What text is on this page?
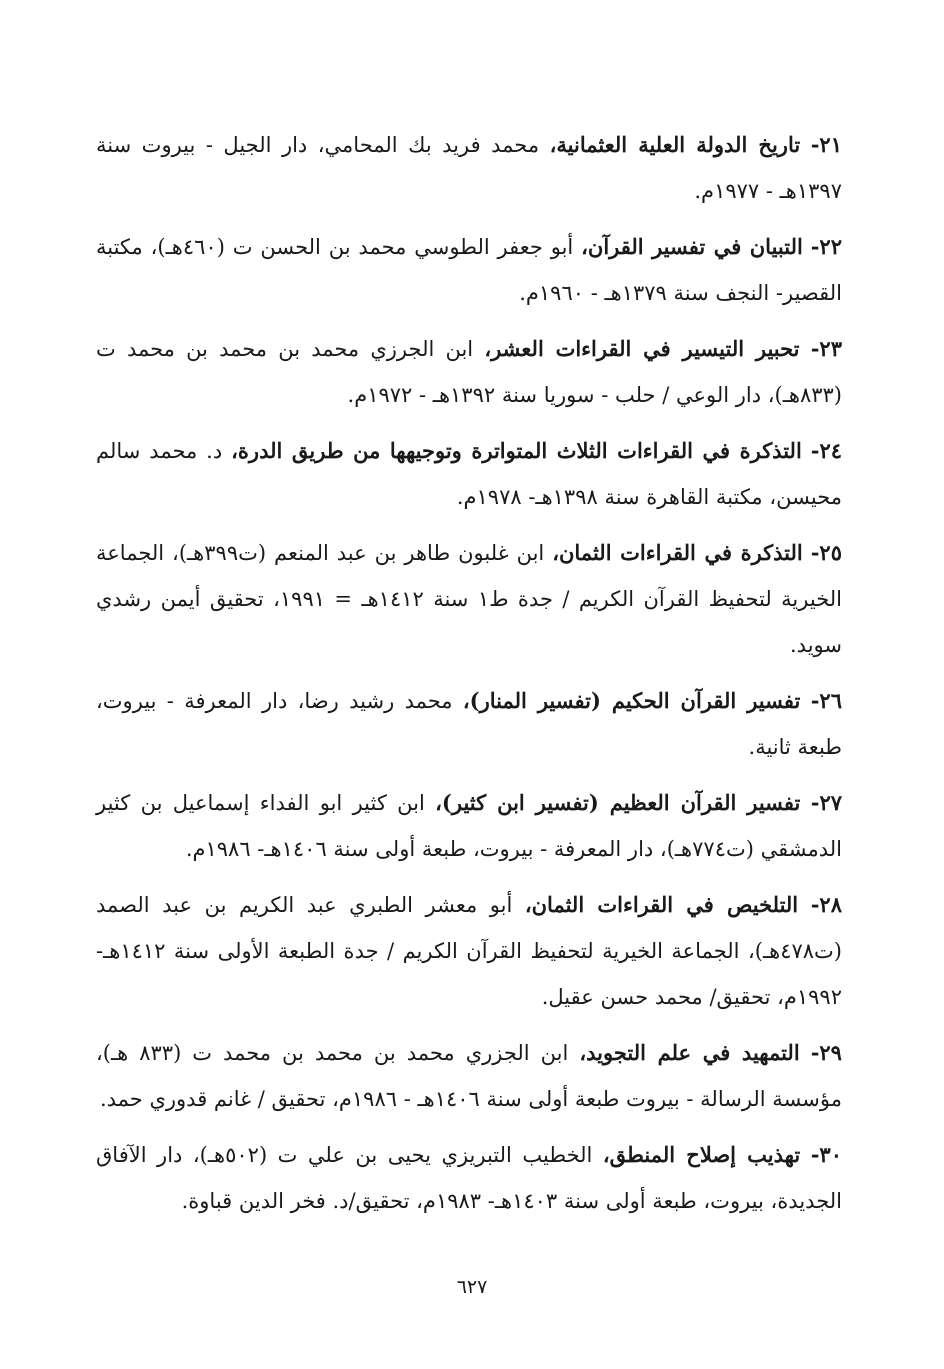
٢١- تاريخ الدولة العلية العثمانية، محمد فريد بك المحامي، دار الجيل - بيروت سنة ١٣٩٧هـ - ١٩٧٧م.

٢٢- التبيان في تفسير القرآن، أبو جعفر الطوسي محمد بن الحسن ت (٤٦٠هـ)، مكتبة القصير- النجف سنة ١٣٧٩هـ - ١٩٦٠م.

٢٣- تحبير التيسير في القراءات العشر، ابن الجرزي محمد بن محمد بن محمد ت (٨٣٣هـ)، دار الوعي / حلب - سوريا سنة ١٣٩٢هـ - ١٩٧٢م.

٢٤- التذكرة في القراءات الثلاث المتواترة وتوجيهها من طريق الدرة، د. محمد سالم محيسن، مكتبة القاهرة سنة ١٣٩٨هـ- ١٩٧٨م.

٢٥- التذكرة في القراءات الثمان، ابن غلبون طاهر بن عبد المنعم (ت٣٩٩هـ)، الجماعة الخيرية لتحفيظ القرآن الكريم / جدة ط١ سنة ١٤١٢هـ = ١٩٩١، تحقيق أيمن رشدي سويد.

٢٦- تفسير القرآن الحكيم (تفسير المنار)، محمد رشيد رضا، دار المعرفة - بيروت، طبعة ثانية.

٢٧- تفسير القرآن العظيم (تفسير ابن كثير)، ابن كثير ابو الفداء إسماعيل بن كثير الدمشقي (ت٧٧٤هـ)، دار المعرفة - بيروت، طبعة أولى سنة ١٤٠٦هـ- ١٩٨٦م.

٢٨- التلخيص في القراءات الثمان، أبو معشر الطبري عبد الكريم بن عبد الصمد (ت٤٧٨هـ)، الجماعة الخيرية لتحفيظ القرآن الكريم / جدة الطبعة الأولى سنة ١٤١٢هـ- ١٩٩٢م، تحقيق/ محمد حسن عقيل.

٢٩- التمهيد في علم التجويد، ابن الجزري محمد بن محمد بن محمد ت (٨٣٣ هـ)، مؤسسة الرسالة - بيروت طبعة أولى سنة ١٤٠٦هـ - ١٩٨٦م، تحقيق / غانم قدوري حمد.

٣٠- تهذيب إصلاح المنطق، الخطيب التبريزي يحيى بن علي ت (٥٠٢هـ)، دار الآفاق الجديدة، بيروت، طبعة أولى سنة ١٤٠٣هـ- ١٩٨٣م، تحقيق/د. فخر الدين قباوة.

٦٢٧
